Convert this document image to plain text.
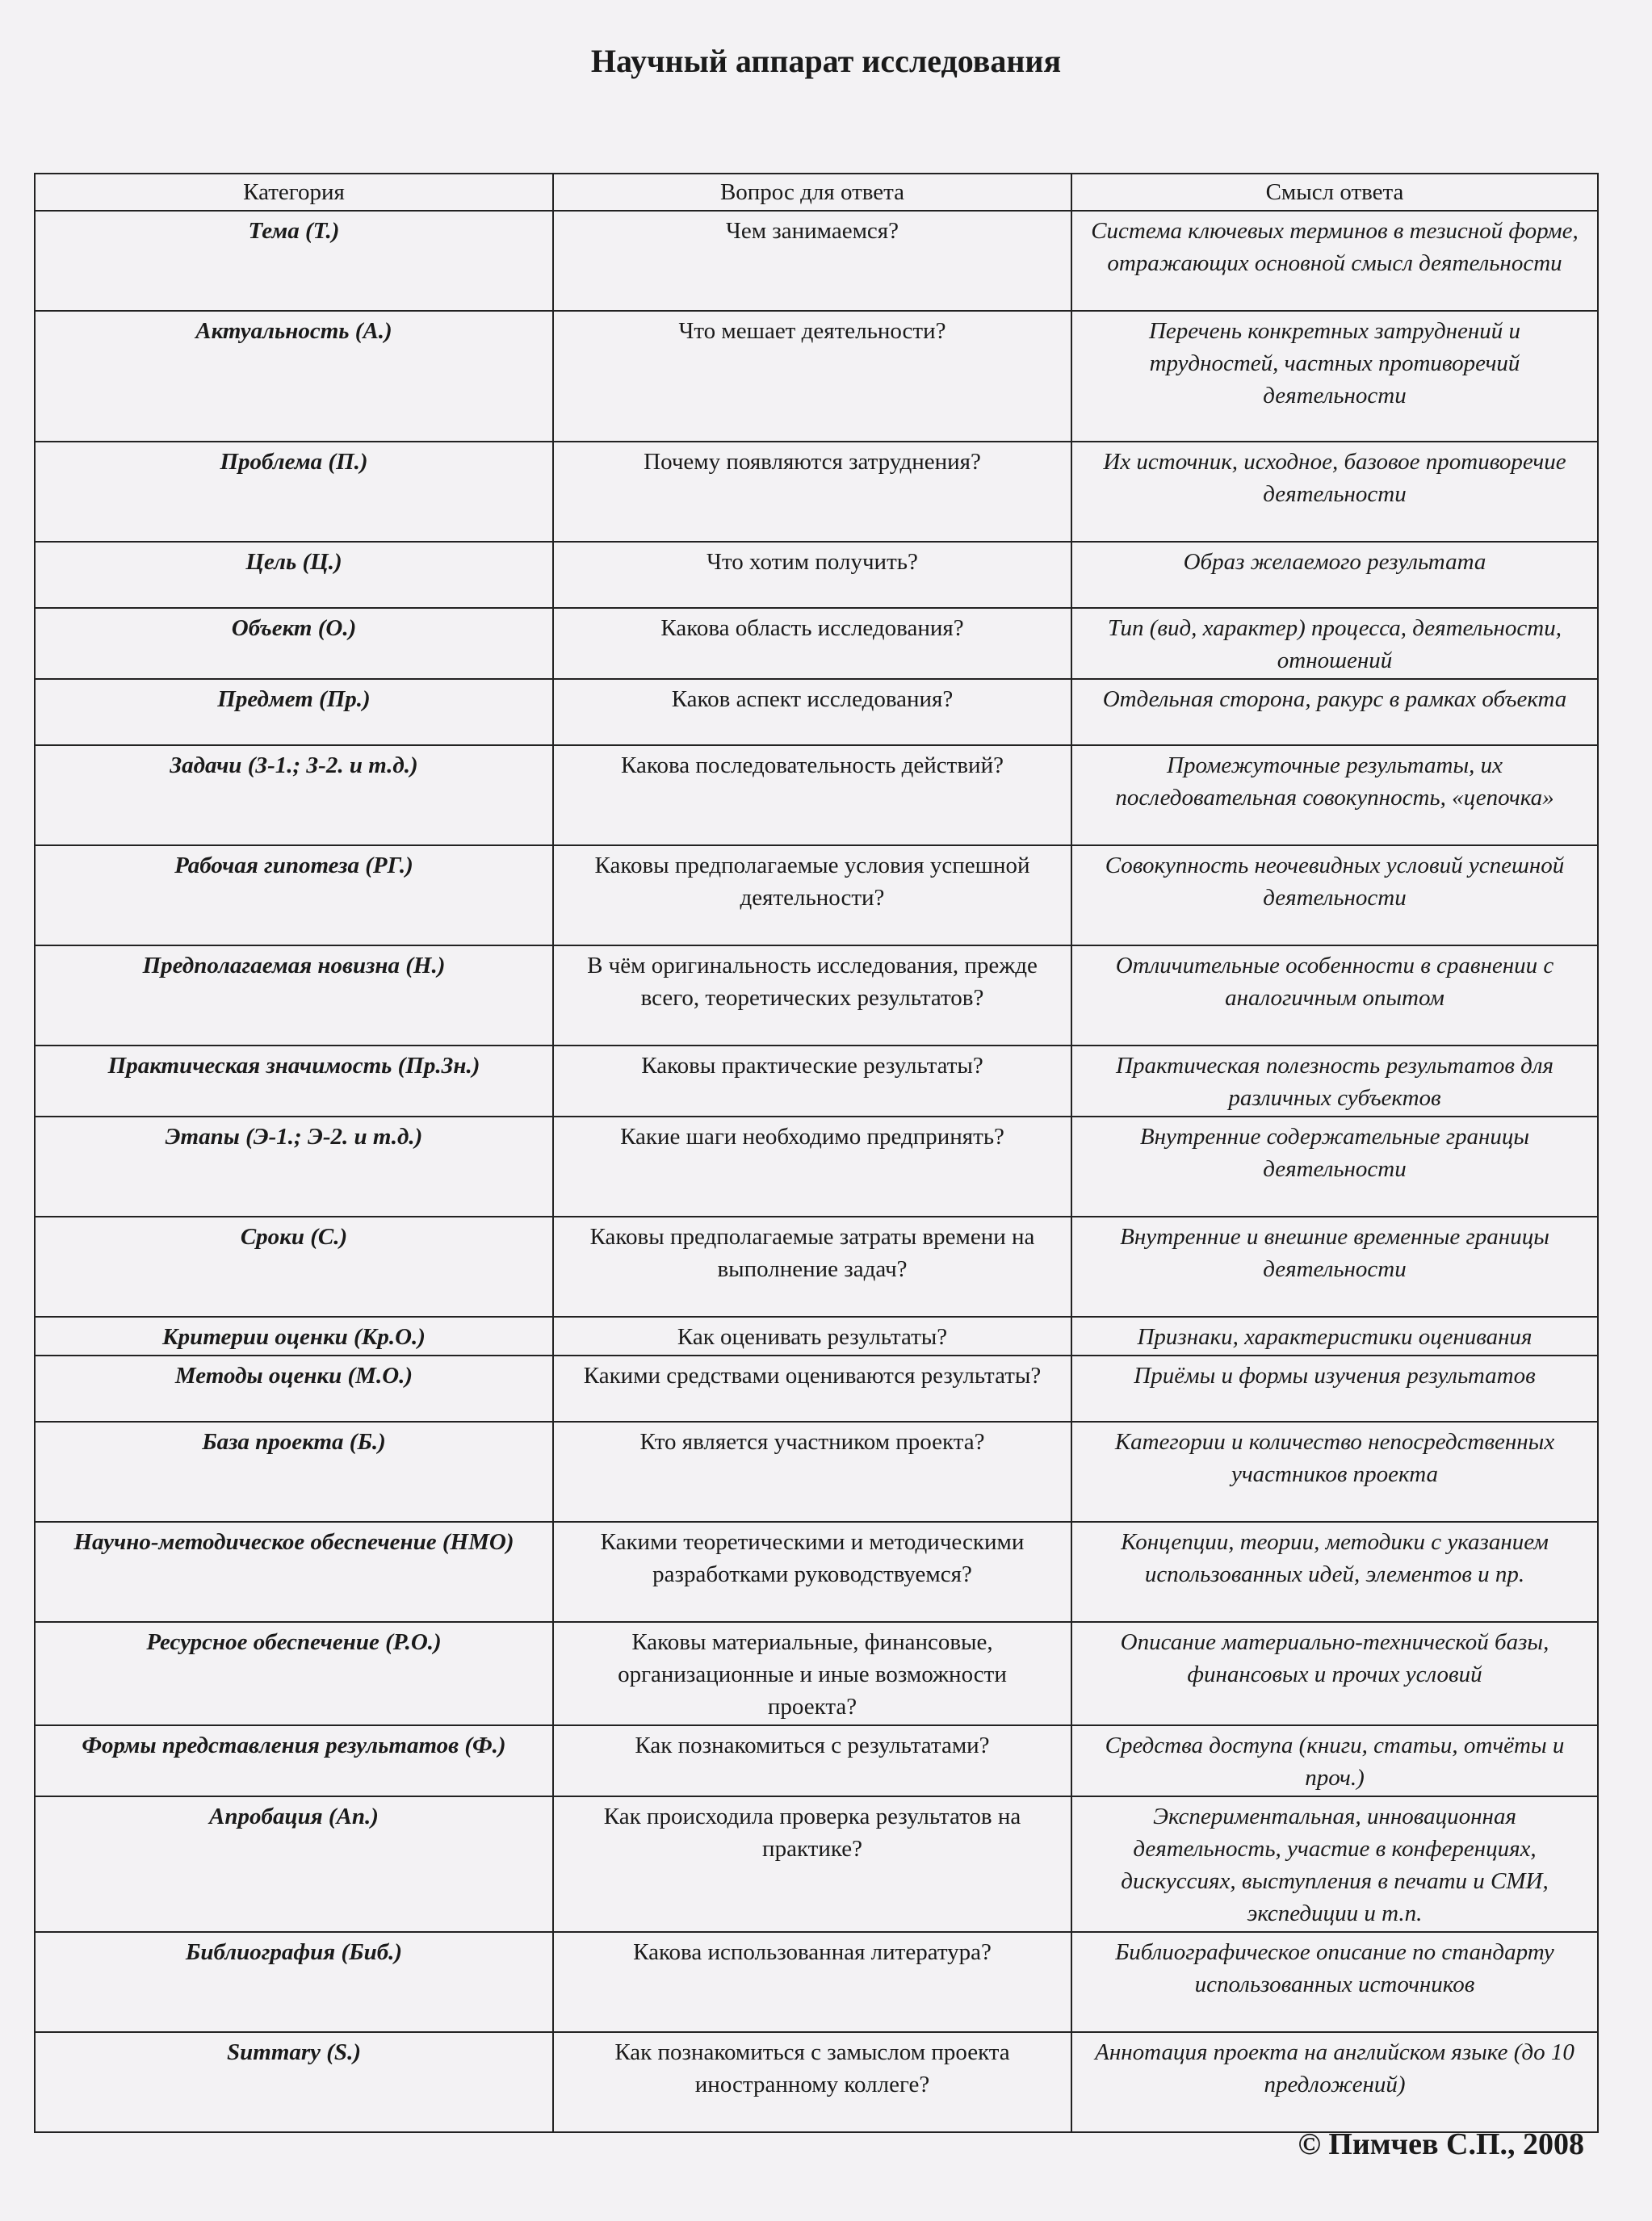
Научный аппарат исследования
Категория	Вопрос для ответа	Смысл ответа
Тема (Т.)	Чем занимаемся?	Система ключевых терминов в тезисной форме, отражающих основной смысл деятельности
Актуальность (А.)	Что мешает деятельности?	Перечень конкретных затруднений и трудностей, частных противоречий деятельности
Проблема (П.)	Почему появляются затруднения?	Их источник, исходное, базовое противоречие деятельности
Цель (Ц.)	Что хотим получить?	Образ желаемого результата
Объект (О.)	Какова область исследования?	Тип (вид, характер) процесса, деятельности, отношений
Предмет (Пр.)	Каков аспект исследования?	Отдельная сторона, ракурс в рамках объекта
Задачи (З-1.; З-2. и т.д.)	Какова последовательность действий?	Промежуточные результаты, их последовательная совокупность, «цепочка»
Рабочая гипотеза (РГ.)	Каковы предполагаемые условия успешной деятельности?	Совокупность неочевидных условий успешной деятельности
Предполагаемая новизна (Н.)	В чём оригинальность исследования, прежде всего, теоретических результатов?	Отличительные особенности в сравнении с аналогичным опытом
Практическая значимость (Пр.Зн.)	Каковы практические результаты?	Практическая полезность результатов для различных субъектов
Этапы (Э-1.; Э-2. и т.д.)	Какие шаги необходимо предпринять?	Внутренние содержательные границы деятельности
Сроки (С.)	Каковы предполагаемые затраты времени на выполнение задач?	Внутренние и внешние временные границы деятельности
Критерии оценки (Кр.О.)	Как оценивать результаты?	Признаки, характеристики оценивания
Методы оценки (М.О.)	Какими средствами оцениваются результаты?	Приёмы и формы изучения результатов
База проекта (Б.)	Кто является участником проекта?	Категории и количество непосредственных участников проекта
Научно-методическое обеспечение (НМО)	Какими теоретическими и методическими разработками руководствуемся?	Концепции, теории, методики с указанием использованных идей, элементов и пр.
Ресурсное обеспечение (Р.О.)	Каковы материальные, финансовые, организационные и иные возможности проекта?	Описание материально-технической базы, финансовых и прочих условий
Формы представления результатов (Ф.)	Как познакомиться с результатами?	Средства доступа (книги, статьи, отчёты и проч.)
Апробация (Ап.)	Как происходила проверка результатов на практике?	Экспериментальная, инновационная деятельность, участие в конференциях, дискуссиях, выступления в печати и СМИ, экспедиции и т.п.
Библиография (Биб.)	Какова использованная литература?	Библиографическое описание по стандарту использованных источников
Summary (S.)	Как познакомиться с замыслом проекта иностранному коллеге?	Аннотация проекта на английском языке (до 10 предложений)
© Пимчев С.П., 2008
